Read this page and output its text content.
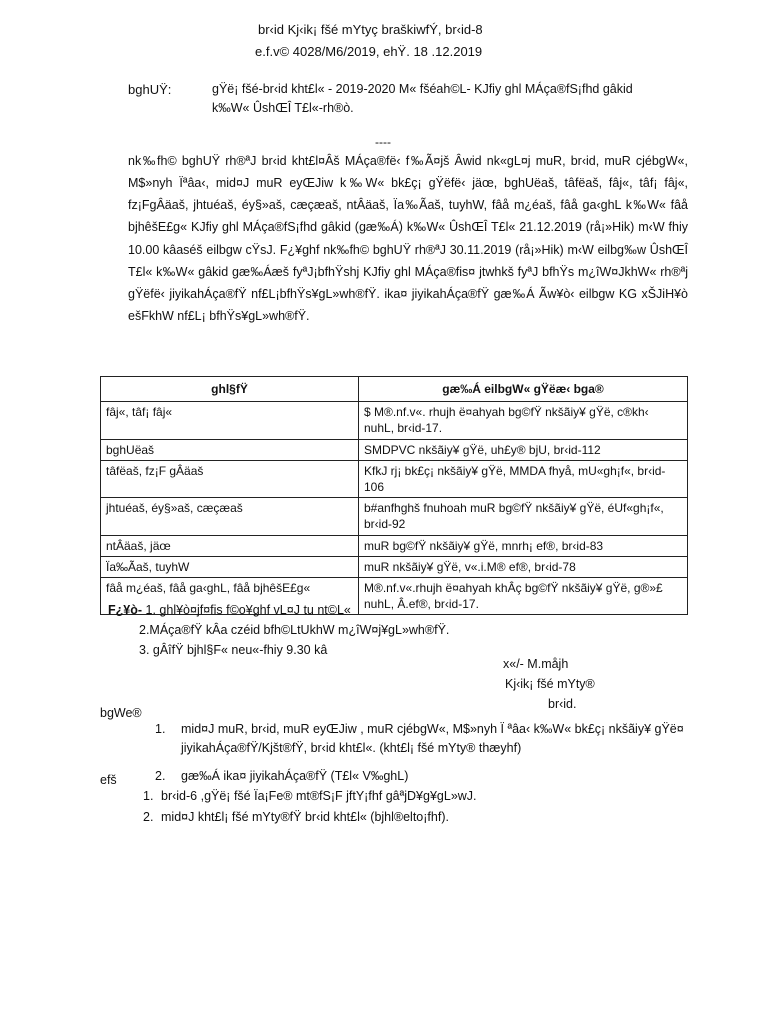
br‹id Kj‹ik¡ fšé mYtyç braškiwfÝ, br‹id-8
e.f.v© 4028/M6/2019, ehŸ. 18 .12.2019
bghUŸ:	gŸë¡ fšé-br‹id kht£l« - 2019-2020 M« fšéah©L- KJfiy ghl MÁça®fS¡fhd gâkid k‰W« ÛshŒÎ T£l«-rh®ò.
----
nk‰fh© bghUŸ rh®ªJ br‹id kht£l¤Âš MÁça®fë‹ f‰Ã¤jš Âwid nk«gL¤j muR, br‹id, muR cjébgW«, M$»nyh Ïªâa‹, mid¤J muR eyŒJiw k‰W« bk£ç¡ gŸëfë‹ jäœ, bghUëaš, tâfëaš, fâj«, tâf¡ fâj«, fz¡FgÂäaš, jhtuéaš, éy§»aš, cæçæaš, ntÂäaš, Ïa‰Ãaš, tuyhW, fâå m¿éaš, fâå ga‹ghL k‰W« fâå bjhêšE£g« KJfiy ghl MÁça®fS¡fhd gâkid (gæ‰Á) k‰W« ÛshŒÎ T£l« 21.12.2019 (rå¡»Hik) m‹W fhiy 10.00 kâaséš eilbgw cŸsJ. F¿¥ghf nk‰fh© bghUŸ rh®ªJ 30.11.2019 (rå¡»Hik) m‹W eilbg‰w ÛshŒÎ T£l« k‰W« gâkid gæ‰Áæš fyªJ¡bfhŸshj KJfiy ghl MÁça®fis¤ jtwhkš fyªJ bfhŸs m¿îW¤JkhW« rh®ªj gŸëfë‹ jiyikahÁça®fŸ nf£L¡bfhŸs¥gL»wh®fŸ. ika¤ jiyikahÁça®fŸ gæ‰Á Ãw¥ò‹ eilbgw KG xŠJiH¥ò ešFkhW nf£L¡ bfhŸs¥gL»wh®fŸ.
ghl§fŸ	gæ‰Á eilbgW« gŸëæ‹ bga®
fâj«, tâf¡ fâj«	$ M®.nf.v«. rhujh ë¤ahyah bg©fŸ nkšãiy¥ gŸë, c®kh‹ nuhL, br‹id-17.
bghUëaš	SMDPVC nkšãiy¥ gŸë, uh£y® bjU, br‹id-112
tâfëaš, fz¡F gÂäaš	KfkJ rj¡ bk£ç¡ nkšãiy¥ gŸë, MMDA fhyå, mU«gh¡f«, br‹id-106
jhtuéaš, éy§»aš, cæçæaš	b#anfhghš fnuhoah muR bg©fŸ nkšãiy¥ gŸë, éUf«gh¡f«, br‹id-92
ntÂäaš, jäœ	muR bg©fŸ nkšãiy¥ gŸë, mnrh¡ ef®, br‹id-83
Ïa‰Ãaš, tuyhW	muR nkšãiy¥ gŸë, v«.i.M® ef®, br‹id-78
fâå m¿éaš, fâå ga‹ghL, fâå bjhêšE£g«	M®.nf.v«.rhujh ë¤ahyah khÂç bg©fŸ nkšãiy¥ gŸë, g®»£ nuhL, Â.ef®, br‹id-17.
F¿¥ò- 1. ghl¥ò¤jf¤fis f©o¥ghf vL¤J tu nt©L«
2.MÁça®fŸ kÂa czéid bfh©LtUkhW m¿îW¤j¥gL»wh®fŸ.
3. gÂîfŸ bjhl§F« neu«-fhiy 9.30 kâ
x«/- M.måjh
Kj‹ik¡ fšé mYty®
br‹id.
bgWe®
1.	mid¤J muR, br‹id, muR eyŒJiw , muR cjébgW«, M$»nyh Ï ªâa‹ k‰W« bk£ç¡ nkšãiy¥ gŸë¤ jiyikahÁça®fŸ/Kjšt®fŸ, br‹id kht£l«. (kht£l¡ fšé mYty® thæyhf)
2.	gæ‰Á ika¤ jiyikahÁça®fŸ (T£l« V‰ghL)
efš
1. br‹id-6 ,gŸë¡ fšé Ïa¡Fe® mt®fS¡F jftY¡fhf gâªjD¥g¥gL»wJ.
2. mid¤J kht£l¡ fšé mYty®fŸ br‹id kht£l« (bjhl®elto¡fhf).
